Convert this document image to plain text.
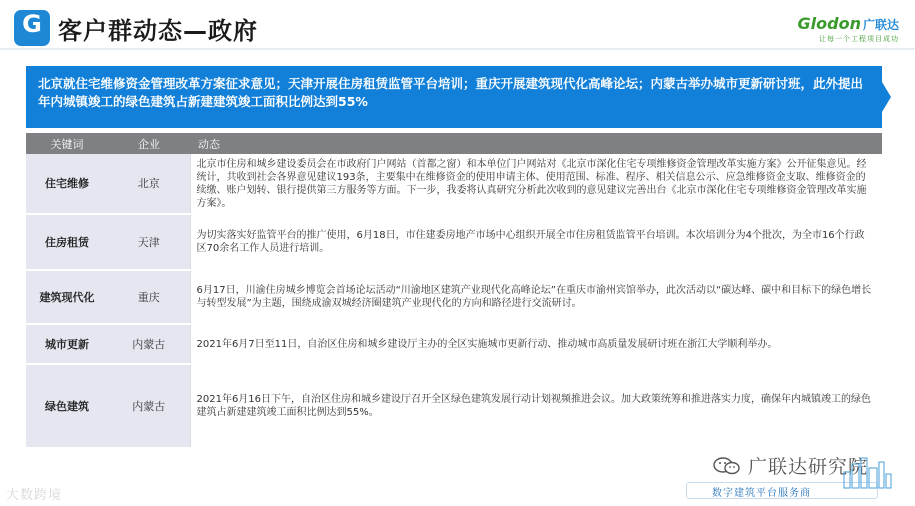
G 客户群动态—政府	Glodon 广联达
让每一个工程项目成功
北京就住宅维修资金管理改革方案征求意见；天津开展住房租赁监管平台培训；重庆开展建筑现代化高峰论坛；内蒙古举办城市更新研讨班，此外提出年内城镇竣工的绿色建筑占新建建筑竣工面积比例达到55%
关键词	企业	动态
住宅维修	北京	北京市住房和城乡建设委员会在市政府门户网站（首都之窗）和本单位门户网站对《北京市深化住宅专项维修资金管理改革实施方案》公开征集意见。经统计，共收到社会各界意见建议193条，主要集中在维修资金的使用申请主体、使用范围、标准、程序、相关信息公示、应急维修资金支取、维修资金的续缴、账户划转、银行提供第三方服务等方面。下一步，我委将认真研究分析此次收到的意见建议完善出台《北京市深化住宅专项维修资金管理改革实施方案》。
住房租赁	天津	为切实落实好监管平台的推广使用，6月18日，市住建委房地产市场中心组织开展全市住房租赁监管平台培训。本次培训分为4个批次，为全市16个行政区70余名工作人员进行培训。
建筑现代化	重庆	6月17日，川渝住房城乡博览会首场论坛活动“川渝地区建筑产业现代化高峰论坛”在重庆市渝州宾馆举办，此次活动以“碳达峰、碳中和目标下的绿色增长与转型发展”为主题，围绕成渝双城经济圈建筑产业现代化的方向和路径进行交流研讨。
城市更新	内蒙古	2021年6月7日至11日，自治区住房和城乡建设厅主办的全区实施城市更新行动、推动城市高质量发展研讨班在浙江大学顺利举办。
绿色建筑	内蒙古	2021年6月16日下午，自治区住房和城乡建设厅召开全区绿色建筑发展行动计划视频推进会议。加大政策统筹和推进落实力度，确保年内城镇竣工的绿色建筑占新建建筑竣工面积比例达到55%。
大数跨境
广联达研究院
数字建筑平台服务商
